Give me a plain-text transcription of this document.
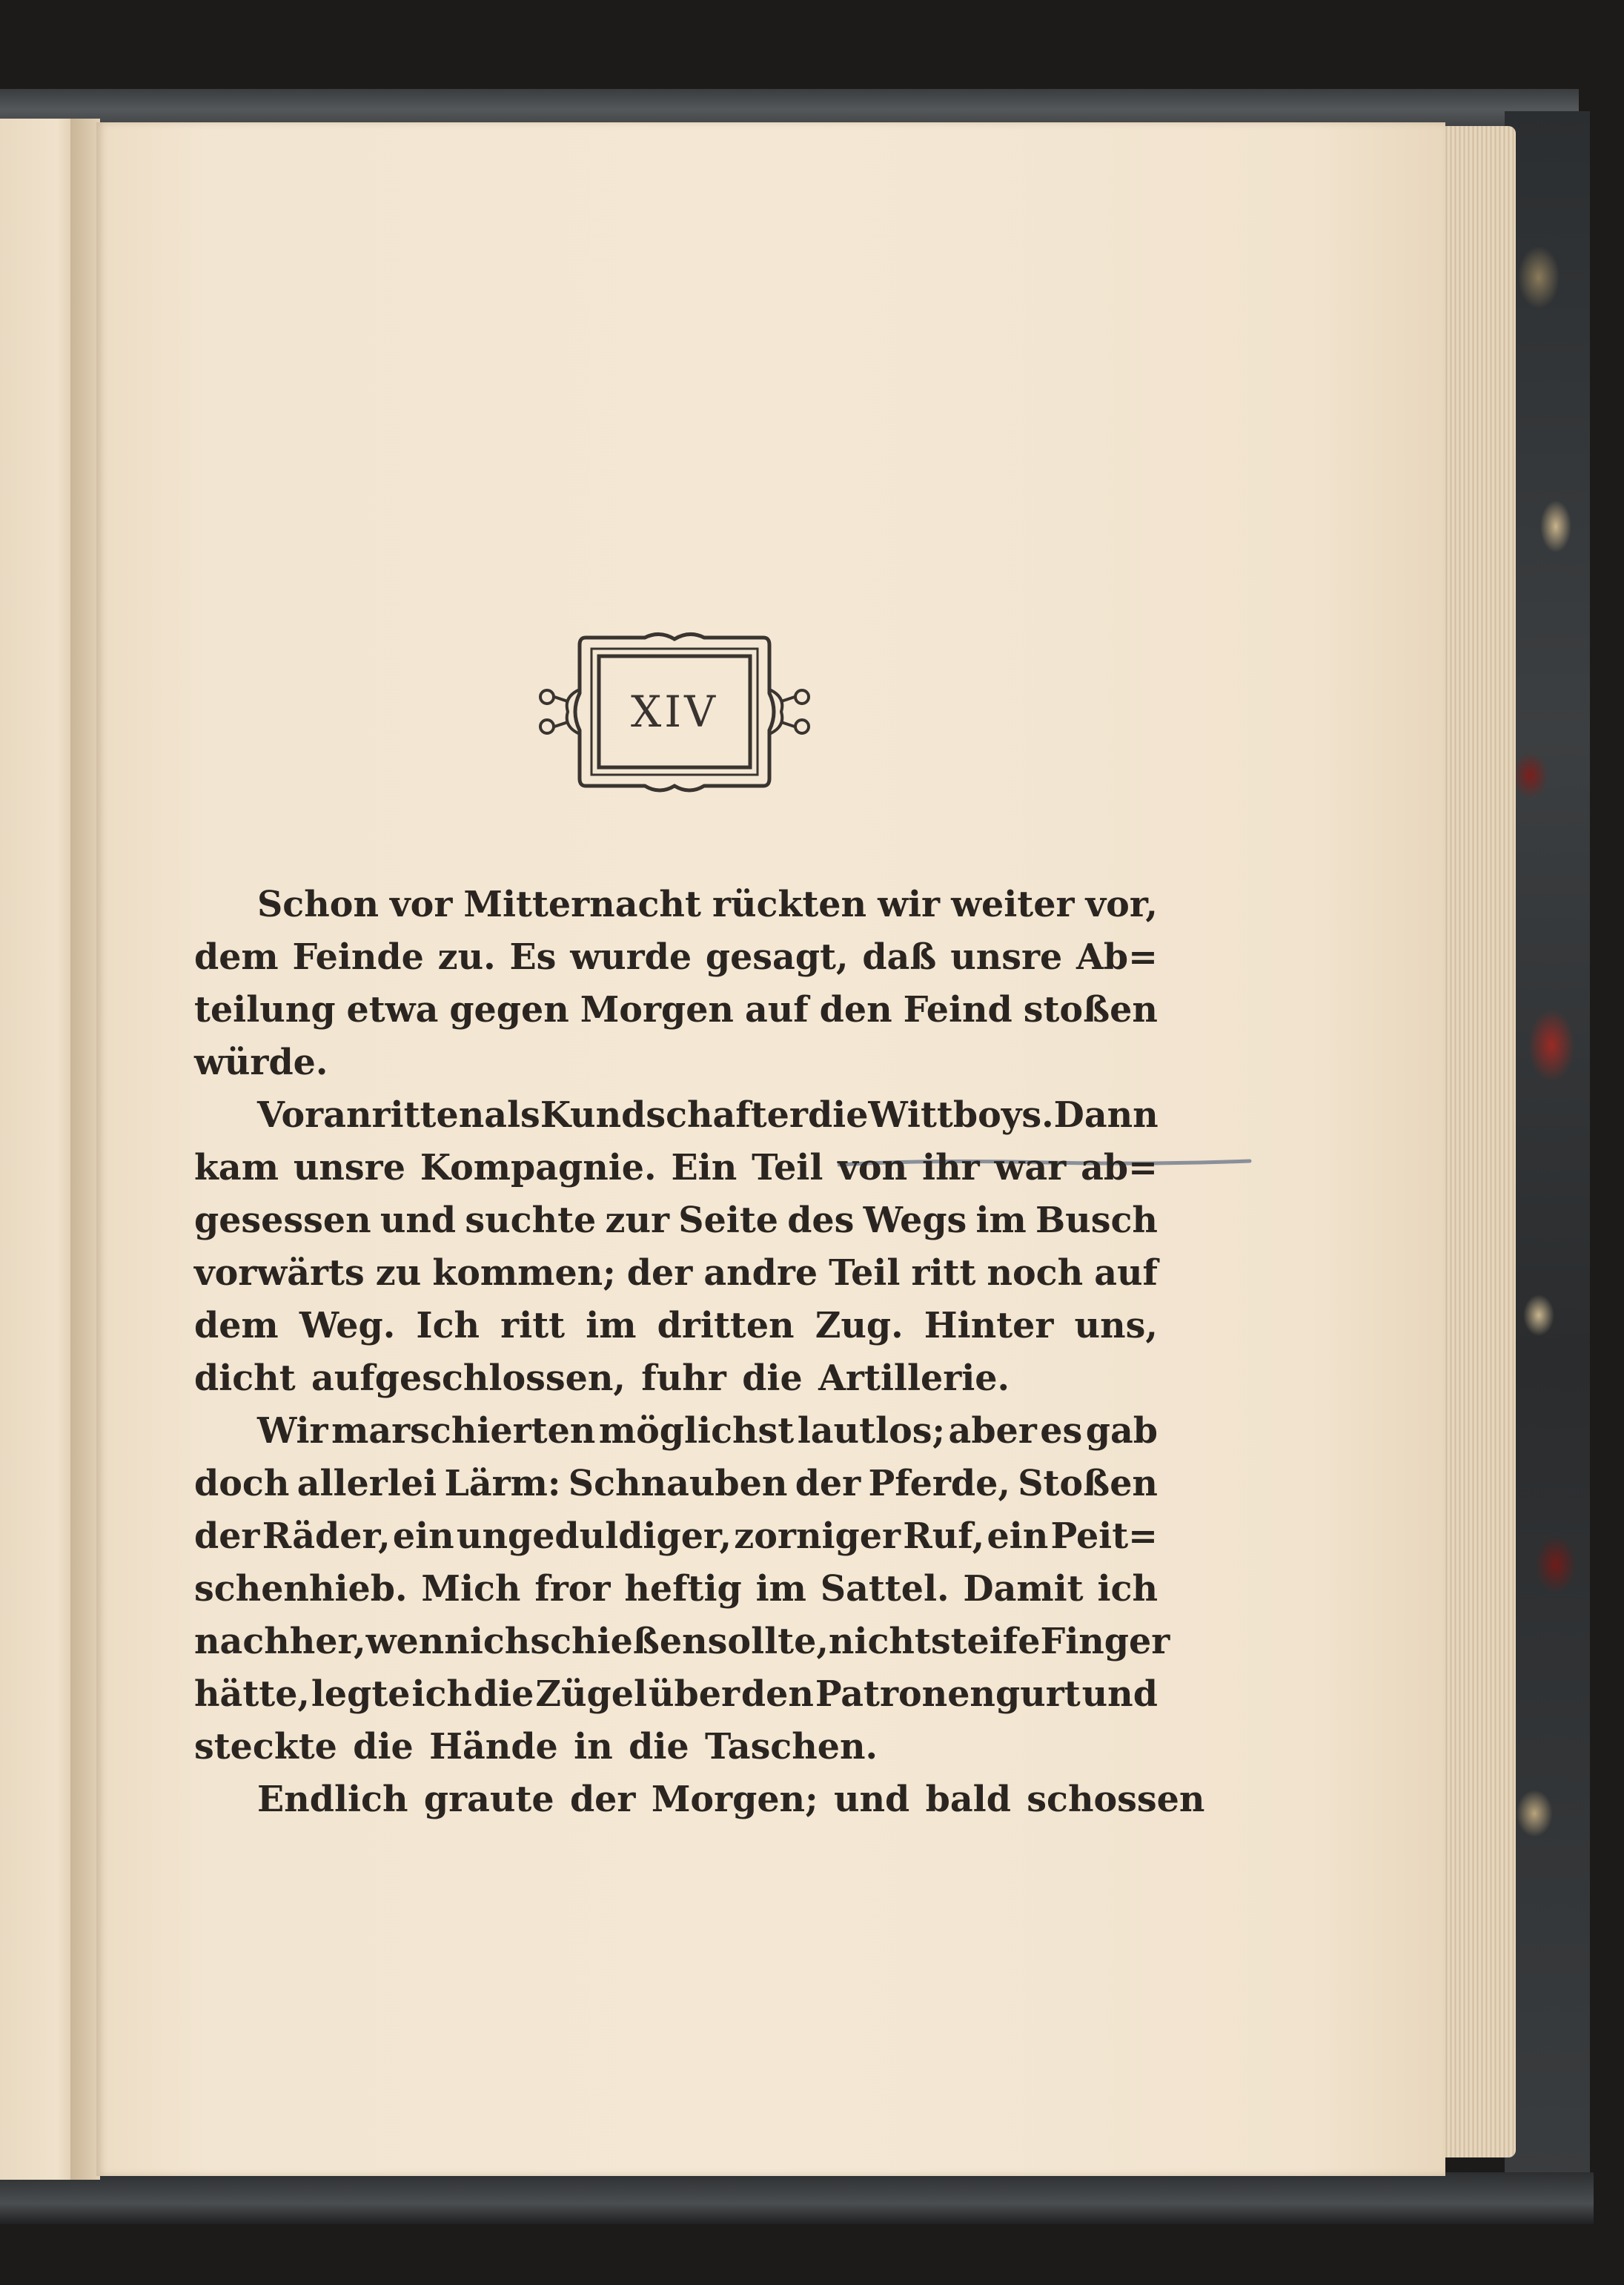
XIV
Schon vor Mitternacht rückten wir weiter vor,
dem Feinde zu. Es wurde gesagt, daß unsre Ab=
teilung etwa gegen Morgen auf den Feind stoßen
würde.
Voran ritten als Kundschafter die Wittboys. Dann
kam unsre Kompagnie. Ein Teil von ihr war ab=
gesessen und suchte zur Seite des Wegs im Busch
vorwärts zu kommen; der andre Teil ritt noch auf
dem Weg. Ich ritt im dritten Zug. Hinter uns,
dicht aufgeschlossen, fuhr die Artillerie.
Wir marschierten möglichst lautlos; aber es gab
doch allerlei Lärm: Schnauben der Pferde, Stoßen
der Räder, ein ungeduldiger, zorniger Ruf, ein Peit=
schenhieb. Mich fror heftig im Sattel. Damit ich
nachher, wenn ich schießen sollte, nicht steife Finger
hätte, legte ich die Zügel über den Patronengurt und
steckte die Hände in die Taschen.
Endlich graute der Morgen; und bald schossen
